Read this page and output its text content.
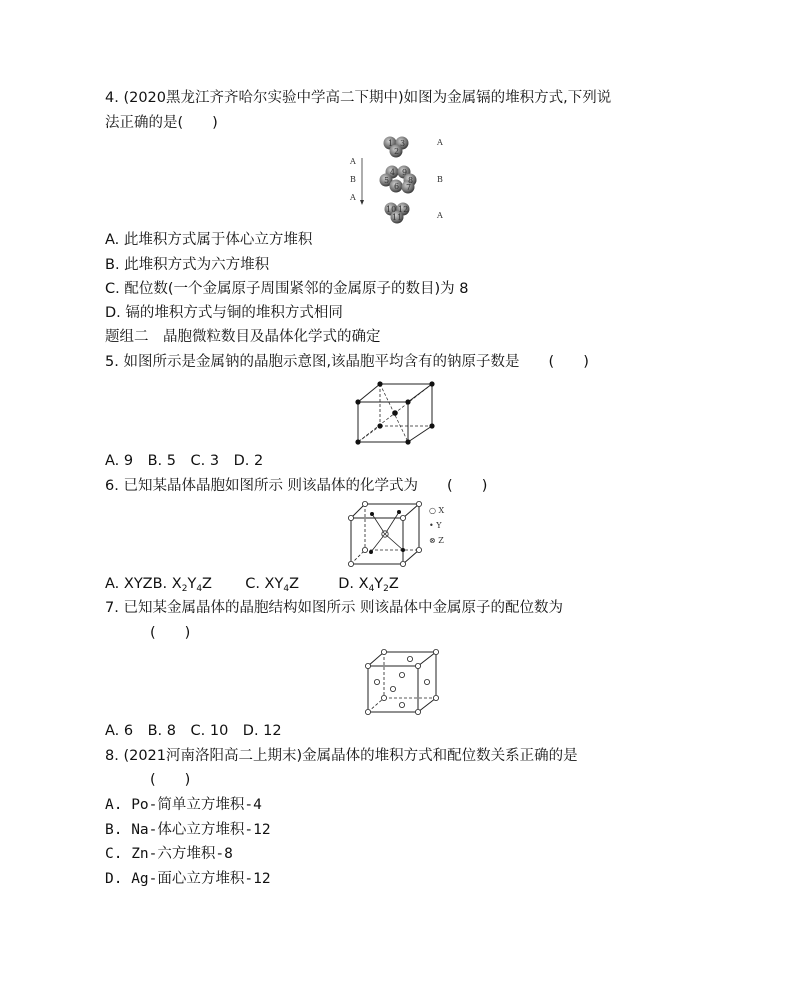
4. (2020黑龙江齐齐哈尔实验中学高二下期中)如图为金属镉的堆积方式,下列说
法正确的是(　　)
A
B
A
1 3
2
4 9
5 8
6 7
10 12
11
A
B
A
A. 此堆积方式属于体心立方堆积
B. 此堆积方式为六方堆积
C. 配位数(一个金属原子周围紧邻的金属原子的数目)为 8
D. 镉的堆积方式与铜的堆积方式相同
题组二　晶胞微粒数目及晶体化学式的确定
5. 如图所示是金属钠的晶胞示意图,该晶胞平均含有的钠原子数是　　(　　)
A. 9　B. 5　C. 3　D. 2
6. 已知某晶体晶胞如图所示 则该晶体的化学式为　　(　　)
○ X
• Y
⊗ Z
A. XYZB. $X_2Y_4Z$ C. $XY_4Z$	D. $X_4Y_2Z$
7. 已知某金属晶体的晶胞结构如图所示 则该晶体中金属原子的配位数为
(　　)
A. 6　B. 8　C. 10　D. 12
8. (2021河南洛阳高二上期末)金属晶体的堆积方式和配位数关系正确的是
(　　)
A. Po-简单立方堆积-4
B. Na-体心立方堆积-12
C. Zn-六方堆积-8
D. Ag-面心立方堆积-12
